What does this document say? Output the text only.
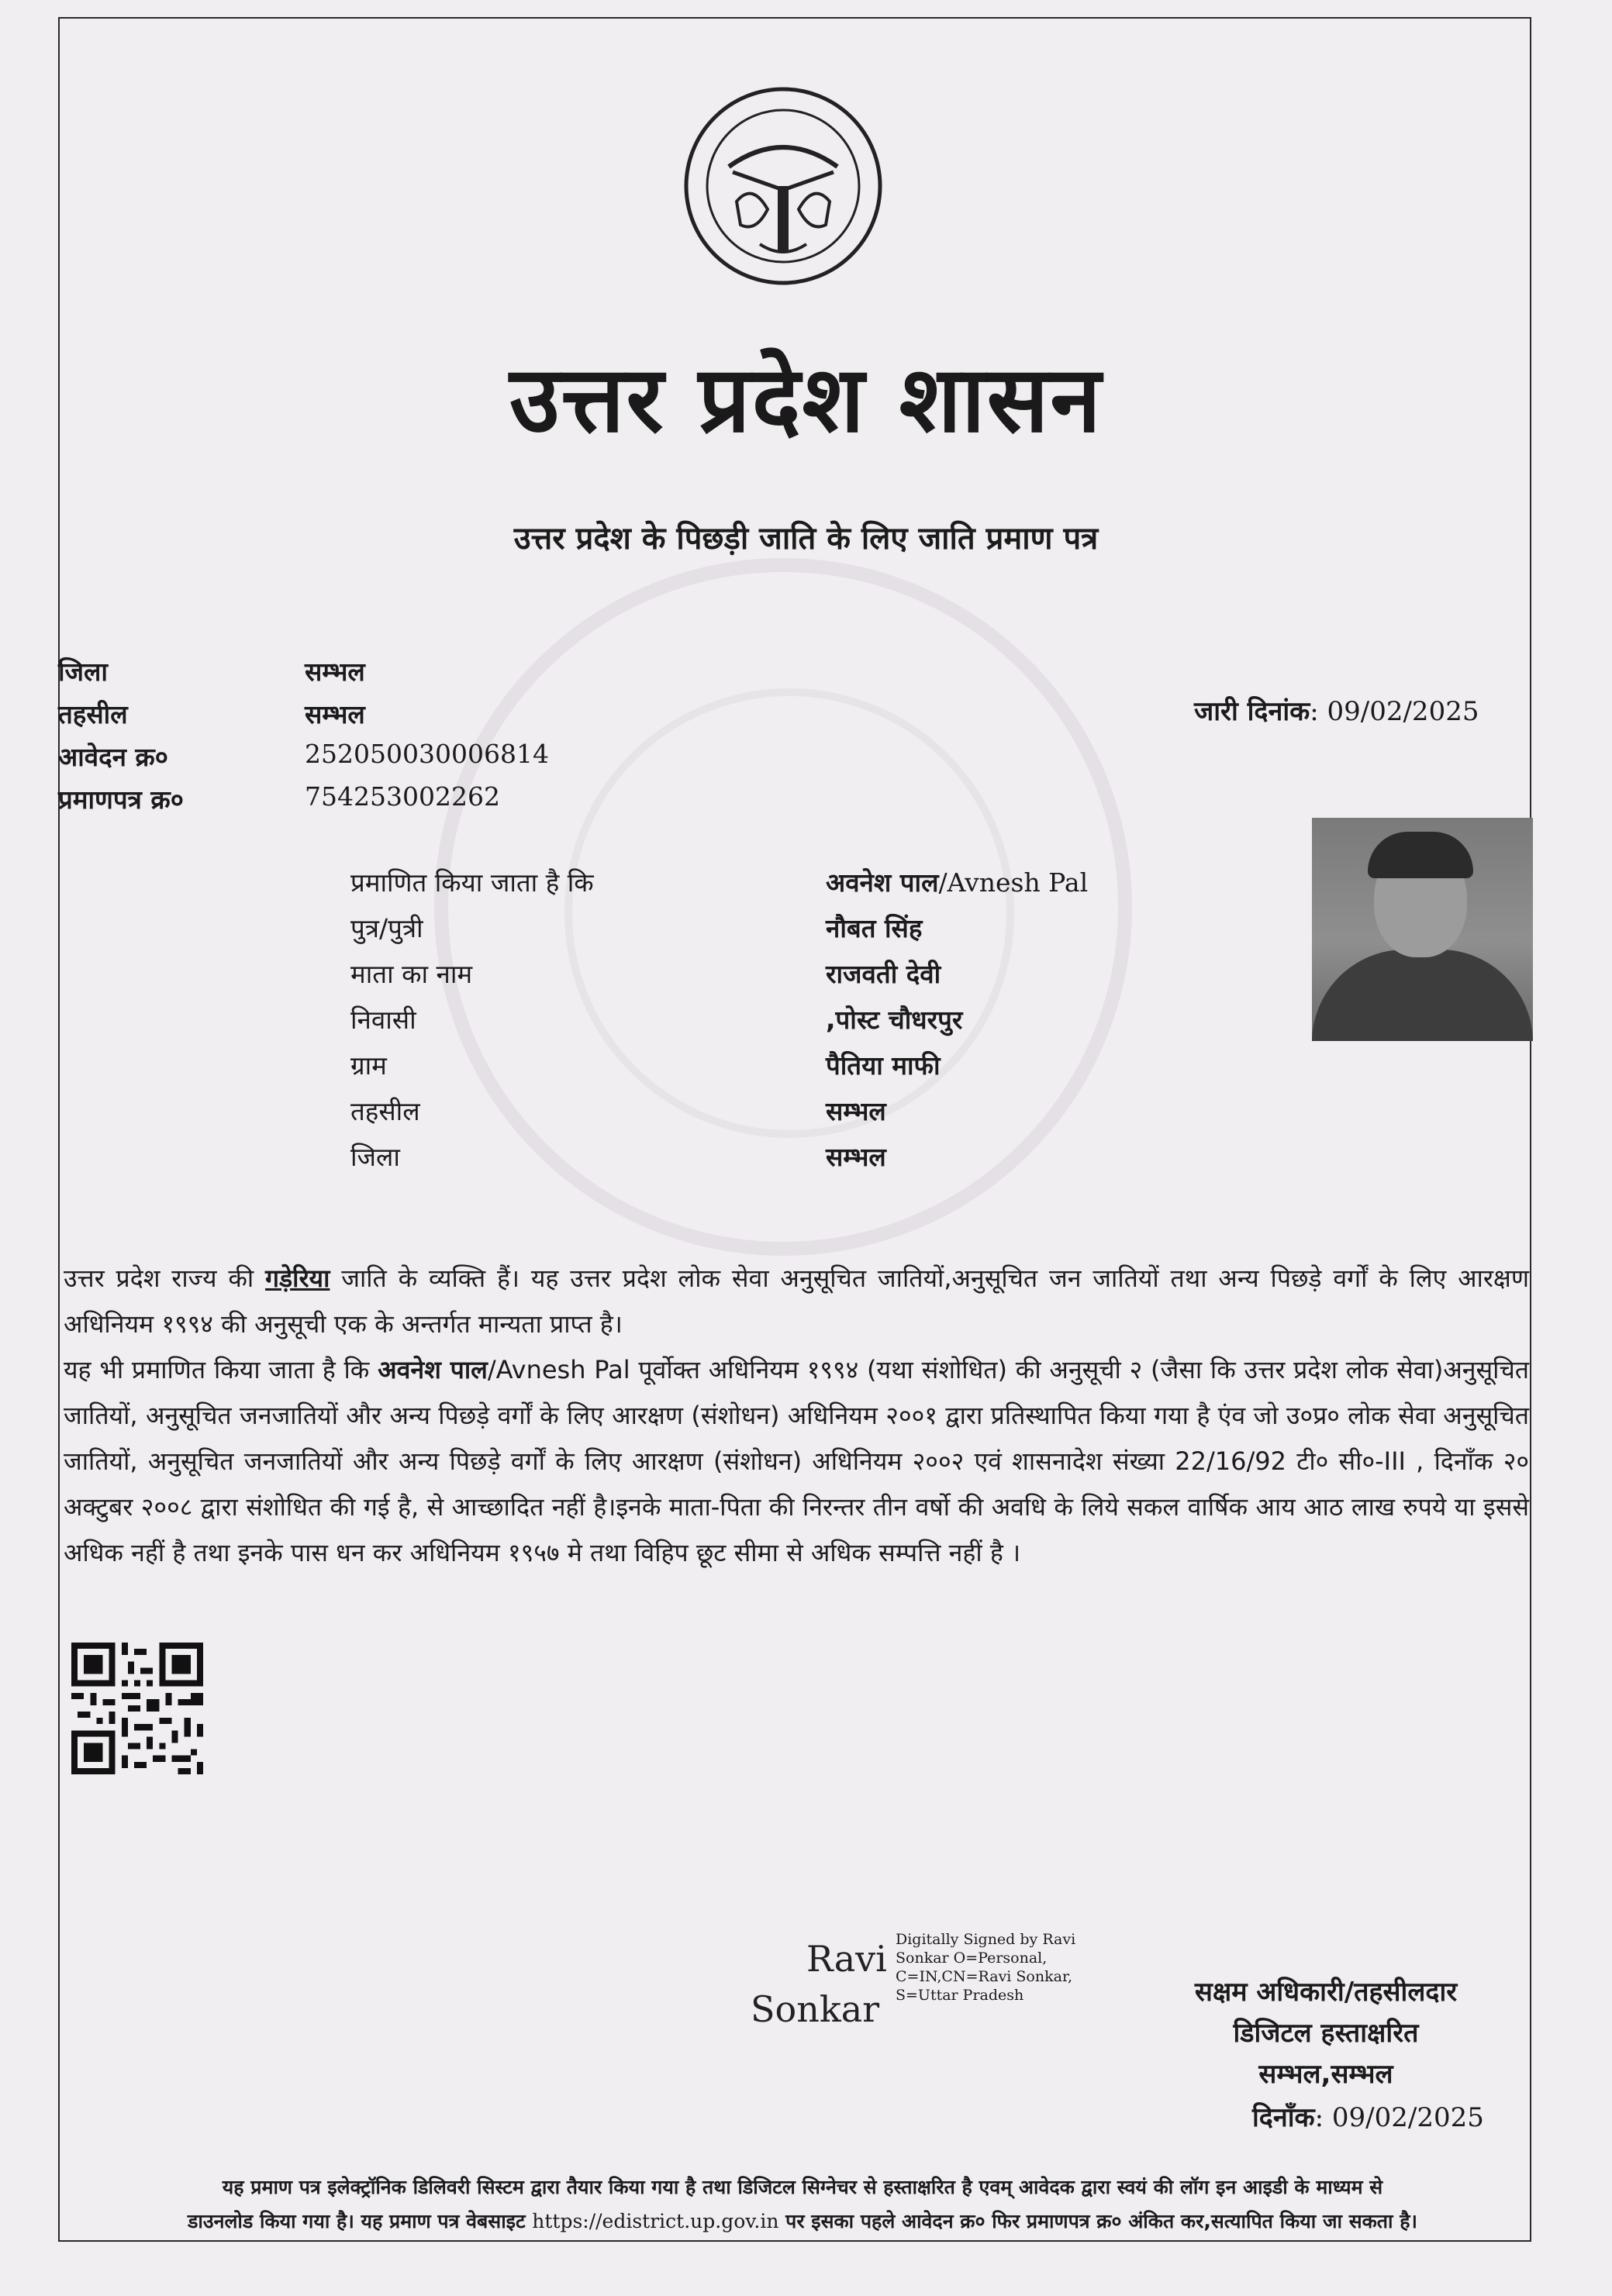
उत्तर प्रदेश शासन
उत्तर प्रदेश के पिछड़ी जाति के लिए जाति प्रमाण पत्र
जिला	सम्भल
तहसील	सम्भल
आवेदन क्र०	252050030006814
प्रमाणपत्र क्र०	754253002262
जारी दिनांक: 09/02/2025
प्रमाणित किया जाता है कि	अवनेश पाल/Avnesh Pal
पुत्र/पुत्री	नौबत सिंह
माता का नाम	राजवती देवी
निवासी	,पोस्ट चौधरपुर
ग्राम	पैतिया माफी
तहसील	सम्भल
जिला	सम्भल
उत्तर प्रदेश राज्य की गड़ेरिया जाति के व्यक्ति हैं। यह उत्तर प्रदेश लोक सेवा अनुसूचित जातियों,अनुसूचित जन जातियों तथा अन्य पिछड़े वर्गों के लिए आरक्षण अधिनियम १९९४ की अनुसूची एक के अन्तर्गत मान्यता प्राप्त है।
यह भी प्रमाणित किया जाता है कि अवनेश पाल/Avnesh Pal पूर्वोक्त अधिनियम १९९४ (यथा संशोधित) की अनुसूची २ (जैसा कि उत्तर प्रदेश लोक सेवा)अनुसूचित जातियों, अनुसूचित जनजातियों और अन्य पिछड़े वर्गों के लिए आरक्षण (संशोधन) अधिनियम २००१ द्वारा प्रतिस्थापित किया गया है एंव जो उ०प्र० लोक सेवा अनुसूचित जातियों, अनुसूचित जनजातियों और अन्य पिछड़े वर्गों के लिए आरक्षण (संशोधन) अधिनियम २००२ एवं शासनादेश संख्या 22/16/92 टी० सी०-III , दिनाँक २० अक्टुबर २००८ द्वारा संशोधित की गई है, से आच्छादित नहीं है।इनके माता-पिता की निरन्तर तीन वर्षो की अवधि के लिये सकल वार्षिक आय आठ लाख रुपये या इससे अधिक नहीं है तथा इनके पास धन कर अधिनियम १९५७ मे तथा विहिप छूट सीमा से अधिक सम्पत्ति नहीं है ।
Ravi
Sonkar
Digitally Signed by Ravi Sonkar O=Personal, C=IN,CN=Ravi Sonkar, S=Uttar Pradesh	सक्षम अधिकारी/तहसीलदार
डिजिटल हस्ताक्षरित
सम्भल,सम्भल
दिनाँक: 09/02/2025
यह प्रमाण पत्र इलेक्ट्रॉनिक डिलिवरी सिस्टम द्वारा तैयार किया गया है तथा डिजिटल सिग्नेचर से हस्ताक्षरित है एवम् आवेदक द्वारा स्वयं की लॉग इन आइडी के माध्यम से
डाउनलोड किया गया है। यह प्रमाण पत्र वेबसाइट https://edistrict.up.gov.in पर इसका पहले आवेदन क्र० फिर प्रमाणपत्र क्र० अंकित कर,सत्यापित किया जा सकता है।
